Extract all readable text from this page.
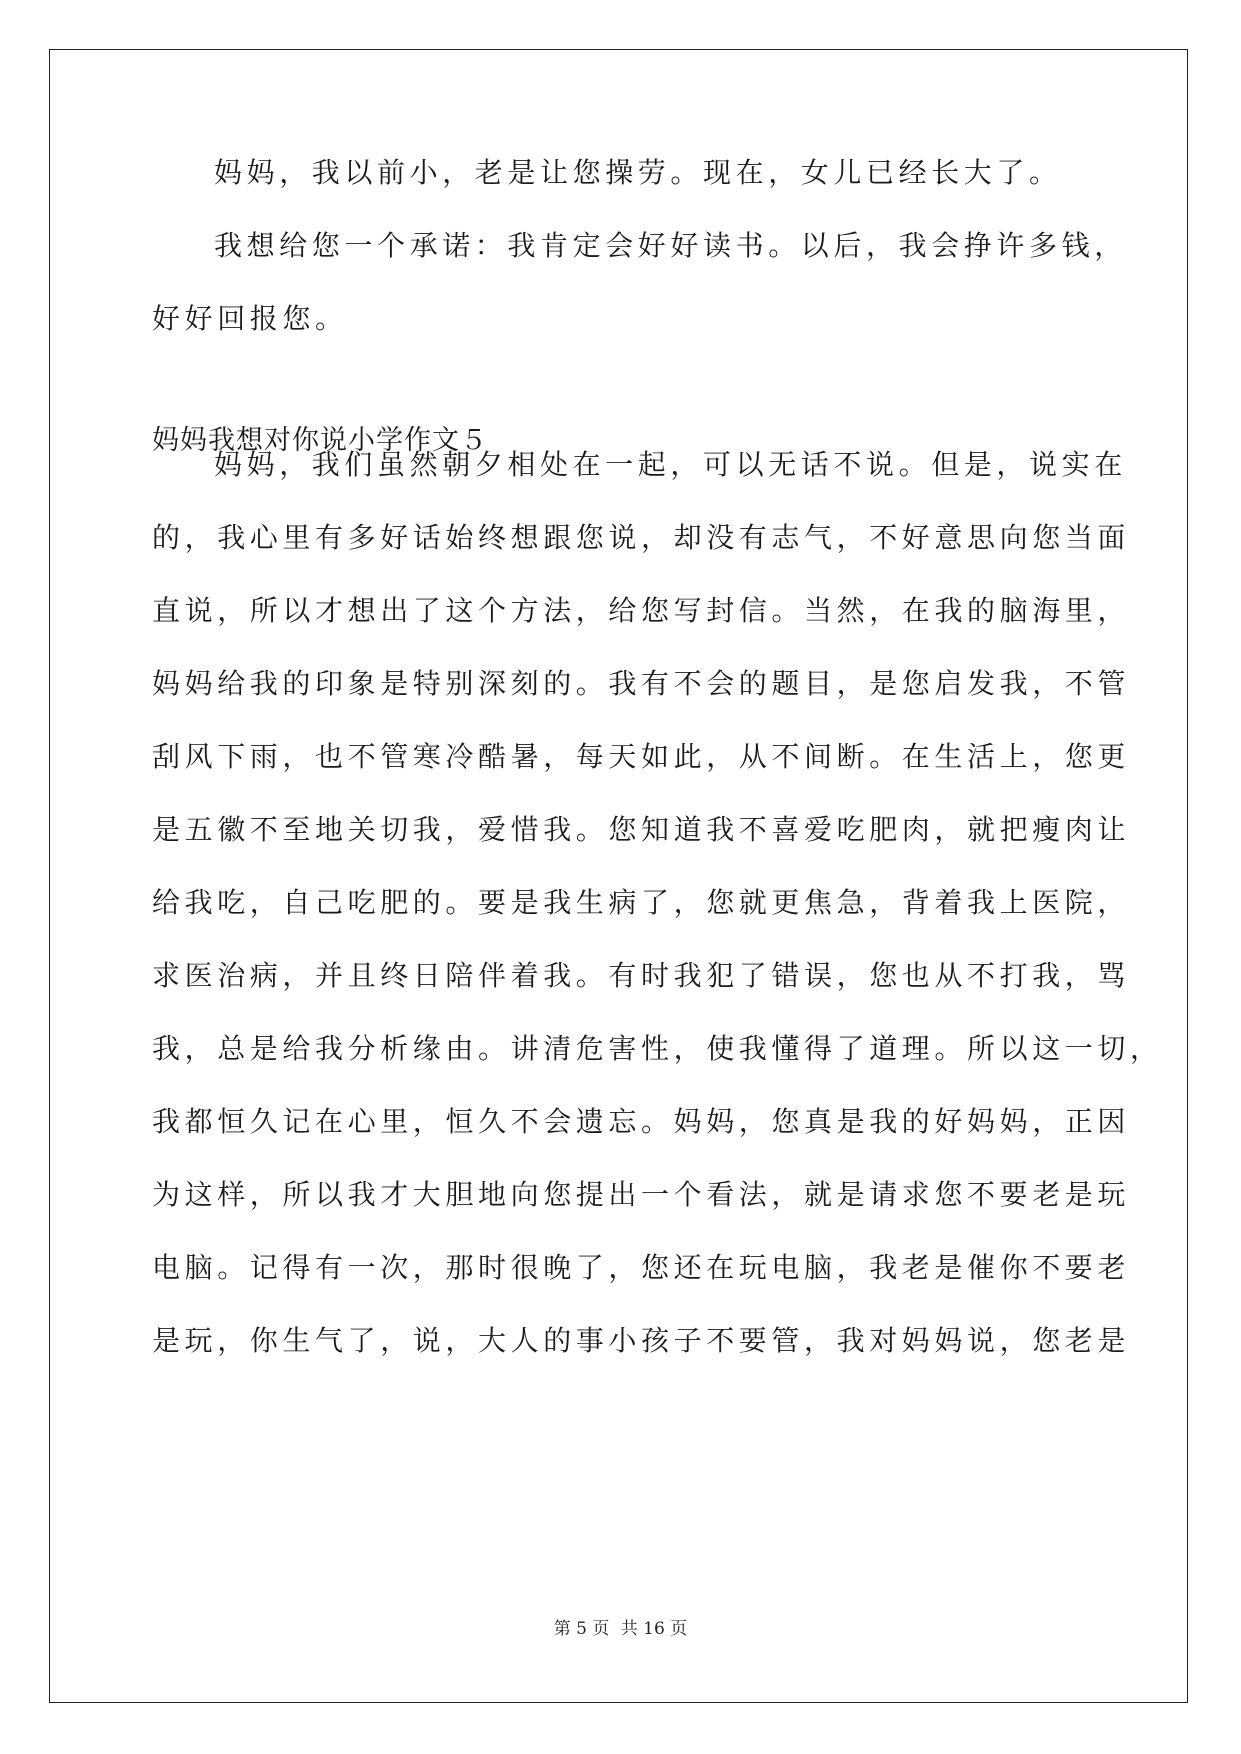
妈妈，我以前小，老是让您操劳。现在，女儿已经长大了。
我想给您一个承诺：我肯定会好好读书。以后，我会挣许多钱，
好好回报您。
妈妈我想对你说小学作文５
妈妈，我们虽然朝夕相处在一起，可以无话不说。但是，说实在
的，我心里有多好话始终想跟您说，却没有志气，不好意思向您当面
直说，所以才想出了这个方法，给您写封信。当然，在我的脑海里，
妈妈给我的印象是特别深刻的。我有不会的题目，是您启发我，不管
刮风下雨，也不管寒冷酷暑，每天如此，从不间断。在生活上，您更
是五徽不至地关切我，爱惜我。您知道我不喜爱吃肥肉，就把瘦肉让
给我吃，自己吃肥的。要是我生病了，您就更焦急，背着我上医院，
求医治病，并且终日陪伴着我。有时我犯了错误，您也从不打我，骂
我，总是给我分析缘由。讲清危害性，使我懂得了道理。所以这一切，
我都恒久记在心里，恒久不会遗忘。妈妈，您真是我的好妈妈，正因
为这样，所以我才大胆地向您提出一个看法，就是请求您不要老是玩
电脑。记得有一次，那时很晚了，您还在玩电脑，我老是催你不要老
是玩，你生气了，说，大人的事小孩子不要管，我对妈妈说，您老是
第 5 页 共 16 页
